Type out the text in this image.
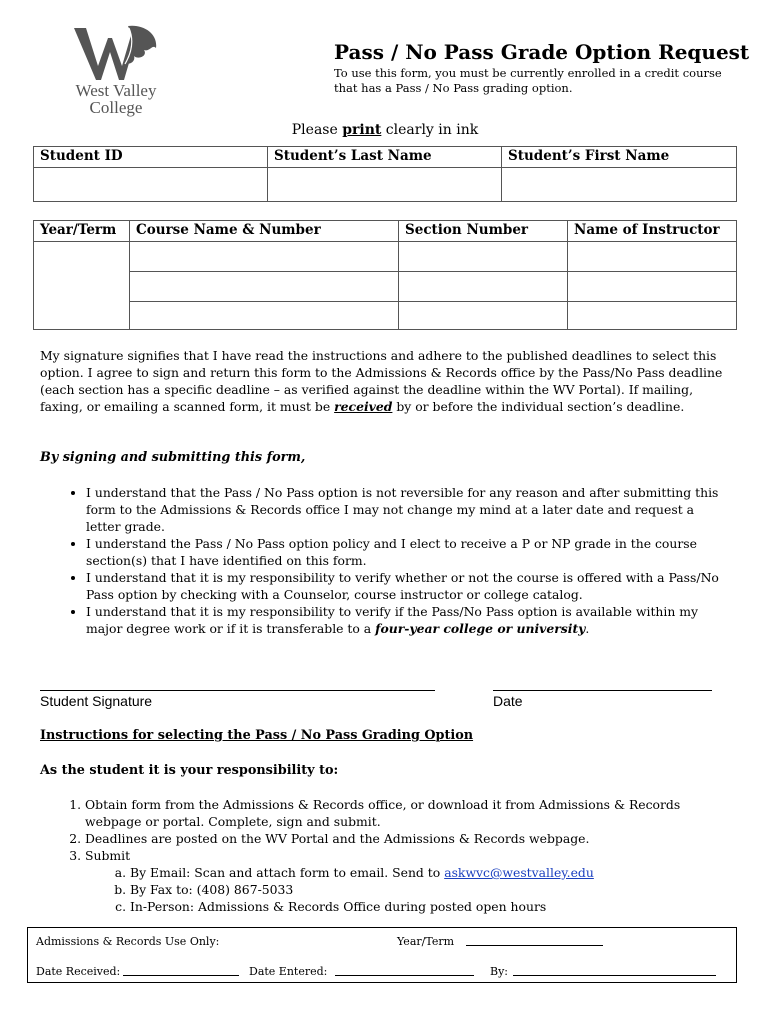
West Valley
College
Pass / No Pass Grade Option Request
To use this form, you must be currently enrolled in a credit course
that has a Pass / No Pass grading option.
Please print clearly in ink
Student ID	Student’s Last Name	Student’s First Name

Year/Term	Course Name & Number	Section Number	Name of Instructor

My signature signifies that I have read the instructions and adhere to the published deadlines to select this option. I agree to sign and return this form to the Admissions & Records office by the Pass/No Pass deadline (each section has a specific deadline – as verified against the deadline within the WV Portal). If mailing, faxing, or emailing a scanned form, it must be received by or before the individual section’s deadline.
By signing and submitting this form,
• I understand that the Pass / No Pass option is not reversible for any reason and after submitting this form to the Admissions & Records office I may not change my mind at a later date and request a letter grade.
• I understand the Pass / No Pass option policy and I elect to receive a P or NP grade in the course section(s) that I have identified on this form.
• I understand that it is my responsibility to verify whether or not the course is offered with a Pass/No Pass option by checking with a Counselor, course instructor or college catalog.
• I understand that it is my responsibility to verify if the Pass/No Pass option is available within my major degree work or if it is transferable to a four-year college or university.
Student Signature	Date
Instructions for selecting the Pass / No Pass Grading Option
As the student it is your responsibility to:
1. Obtain form from the Admissions & Records office, or download it from Admissions & Records webpage or portal. Complete, sign and submit.
2. Deadlines are posted on the WV Portal and the Admissions & Records webpage.
3. Submit
a. By Email: Scan and attach form to email. Send to askwvc@westvalley.edu
b. By Fax to: (408) 867-5033
c. In-Person: Admissions & Records Office during posted open hours
Admissions & Records Use Only:	Year/Term
Date Received:	Date Entered:	By:
